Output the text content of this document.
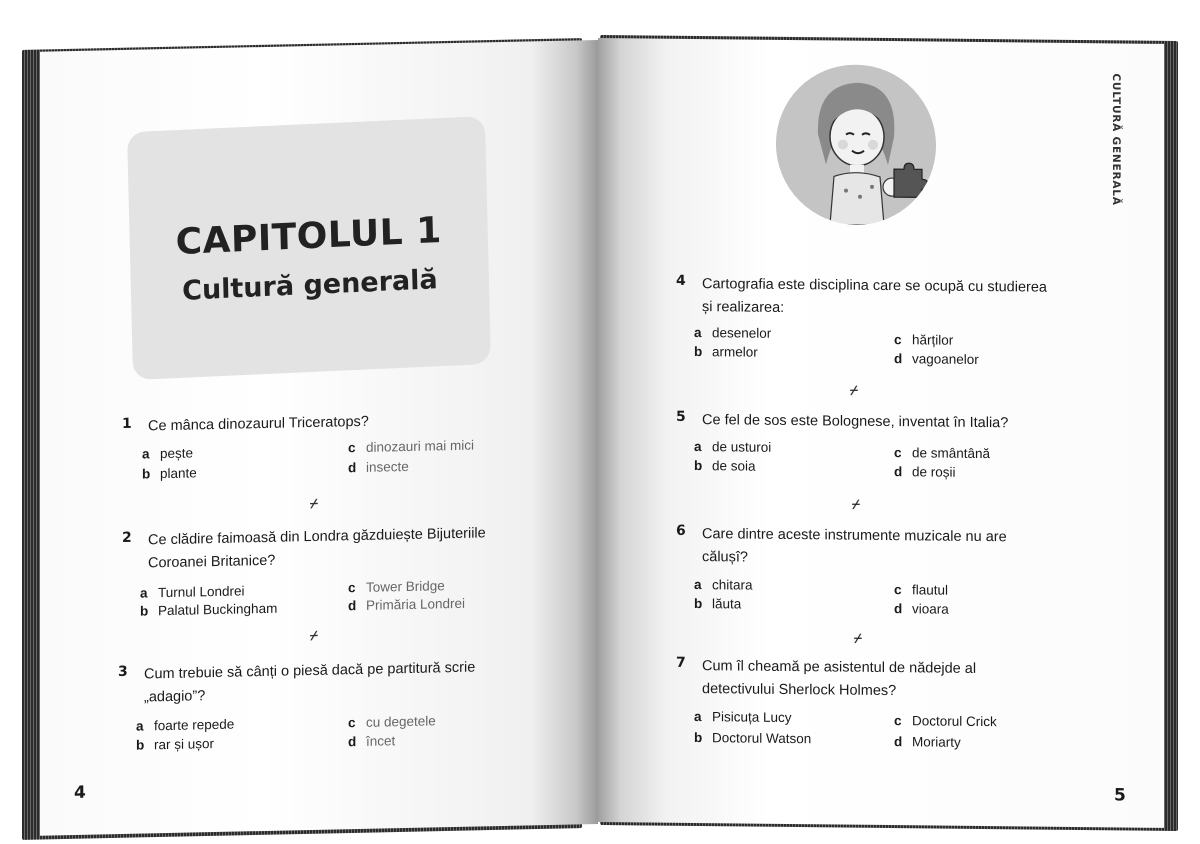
CAPITOLUL 1
Cultură generală
1 Ce mânca dinozaurul Triceratops?
a pește
b plante
c dinozauri mai mici
d insecte
⌿
2 Ce clădire faimoasă din Londra găzduiește Bijuteriile Coroanei Britanice?
a Turnul Londrei
b Palatul Buckingham
c Tower Bridge
d Primăria Londrei
⌿
3 Cum trebuie să cânți o piesă dacă pe partitură scrie „adagio”?
a foarte repede
b rar și ușor
c cu degetele
d încet
4
CULTURĂ GENERALĂ
4 Cartografia este disciplina care se ocupă cu studierea și realizarea:
a desenelor
b armelor
c hărților
d vagoanelor
⌿
5 Ce fel de sos este Bolognese, inventat în Italia?
a de usturoi
b de soia
c de smântână
d de roșii
⌿
6 Care dintre aceste instrumente muzicale nu are călușî?
a chitara
b lăuta
c flautul
d vioara
⌿
7 Cum îl cheamă pe asistentul de nădejde al detectivului Sherlock Holmes?
a Pisicuța Lucy
b Doctorul Watson
c Doctorul Crick
d Moriarty
5
